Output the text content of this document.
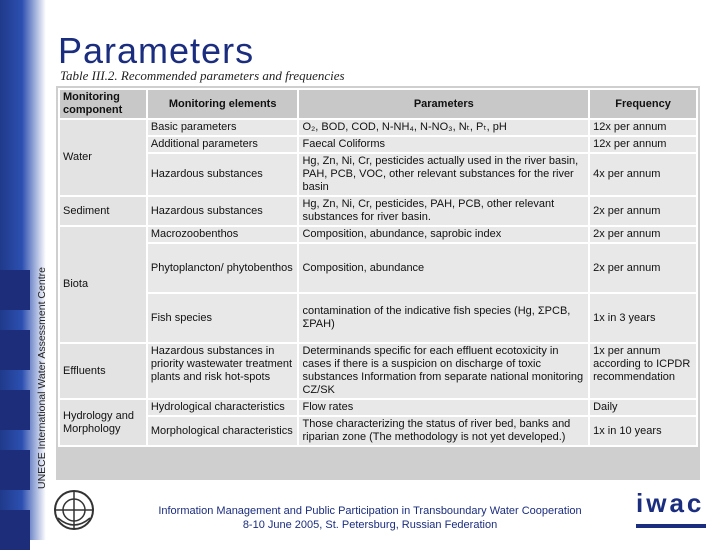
UNECE International Water Assessment Centre
Parameters
Table III.2. Recommended parameters and frequencies
Monitoring component	Monitoring elements	Parameters	Frequency
Water	Basic parameters	O₂, BOD, COD, N-NH₄, N-NO₃, Nₜ, Pₜ, pH	12x per annum
	Additional parameters	Faecal Coliforms	12x per annum
	Hazardous substances	Hg, Zn, Ni, Cr, pesticides actually used in the river basin, PAH, PCB, VOC, other relevant substances for the river basin	4x per annum
Sediment	Hazardous substances	Hg, Zn, Ni, Cr, pesticides, PAH, PCB, other relevant substances for river basin.	2x per annum
Biota	Macrozoobenthos	Composition, abundance, saprobic index	2x per annum
	Phytoplancton/ phytobenthos	Composition, abundance	2x per annum
	Fish species	contamination of the indicative fish species (Hg, ΣPCB, ΣPAH)	1x in 3 years
Effluents	Hazardous substances in priority wastewater treatment plants and risk hot-spots	Determinands specific for each effluent ecotoxicity in cases if there is a suspicion on discharge of toxic substances Information from separate national monitoring CZ/SK	1x per annum according to ICPDR recommendation
Hydrology and Morphology	Hydrological characteristics	Flow rates	Daily
	Morphological characteristics	Those characterizing the status of river bed, banks and riparian zone (The methodology is not yet developed.)	1x in 10 years
Information Management and Public Participation in Transboundary Water Cooperation
8-10 June 2005, St. Petersburg, Russian Federation
iwac
